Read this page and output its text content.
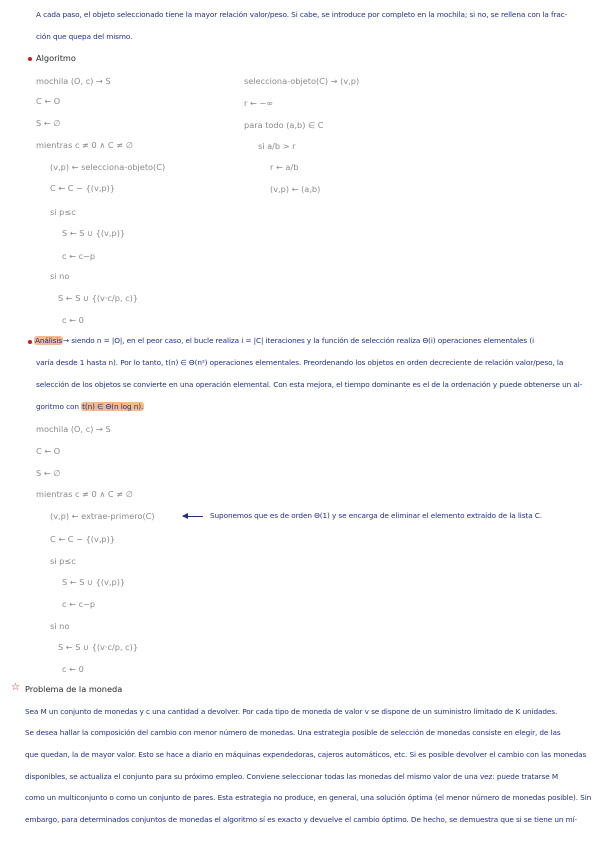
A cada paso, el objeto seleccionado tiene la mayor relación valor/peso. Si cabe, se introduce por completo en la mochila; si no, se rellena con la frac-
ción que quepa del mismo.
Algoritmo
mochila (O, c) → S
C ← O
S ← ∅
mientras c ≠ 0 ∧ C ≠ ∅
(v,p) ← selecciona-objeto(C)
C ← C − {(v,p)}
si p≤c
S ← S ∪ {(v,p)}
c ← c−p
si no
S ← S ∪ {(v·c/p, c)}
c ← 0
selecciona-objeto(C) → (v,p)
r ← −∞
para todo (a,b) ∈ C
si a/b > r
r ← a/b
(v,p) ← (a,b)
Análisis→ siendo n = |O|, en el peor caso, el bucle realiza i = |C| iteraciones y la función de selección realiza Θ(i) operaciones elementales (i
varía desde 1 hasta n). Por lo tanto, t(n) ∈ Θ(n²) operaciones elementales. Preordenando los objetos en orden decreciente de relación valor/peso, la
selección de los objetos se convierte en una operación elemental. Con esta mejora, el tiempo dominante es el de la ordenación y puede obtenerse un al-
goritmo con t(n) ∈ Θ(n log n).
mochila (O, c) → S
C ← O
S ← ∅
mientras c ≠ 0 ∧ C ≠ ∅
(v,p) ← extrae-primero(C)
C ← C − {(v,p)}
si p≤c
S ← S ∪ {(v,p)}
c ← c−p
si no
S ← S ∪ {(v·c/p, c)}
c ← 0
Suponemos que es de orden Θ(1) y se encarga de eliminar el elemento extraído de la lista C.
☆ Problema de la moneda
Sea M un conjunto de monedas y c una cantidad a devolver. Por cada tipo de moneda de valor v se dispone de un suministro limitado de K unidades.
Se desea hallar la composición del cambio con menor número de monedas. Una estrategia posible de selección de monedas consiste en elegir, de las
que quedan, la de mayor valor. Esto se hace a diario en máquinas expendedoras, cajeros automáticos, etc. Si es posible devolver el cambio con las monedas
disponibles, se actualiza el conjunto para su próximo empleo. Conviene seleccionar todas las monedas del mismo valor de una vez: puede tratarse M
como un multiconjunto o como un conjunto de pares. Esta estrategia no produce, en general, una solución óptima (el menor número de monedas posible). Sin
embargo, para determinados conjuntos de monedas el algoritmo sí es exacto y devuelve el cambio óptimo. De hecho, se demuestra que si se tiene un mí-
